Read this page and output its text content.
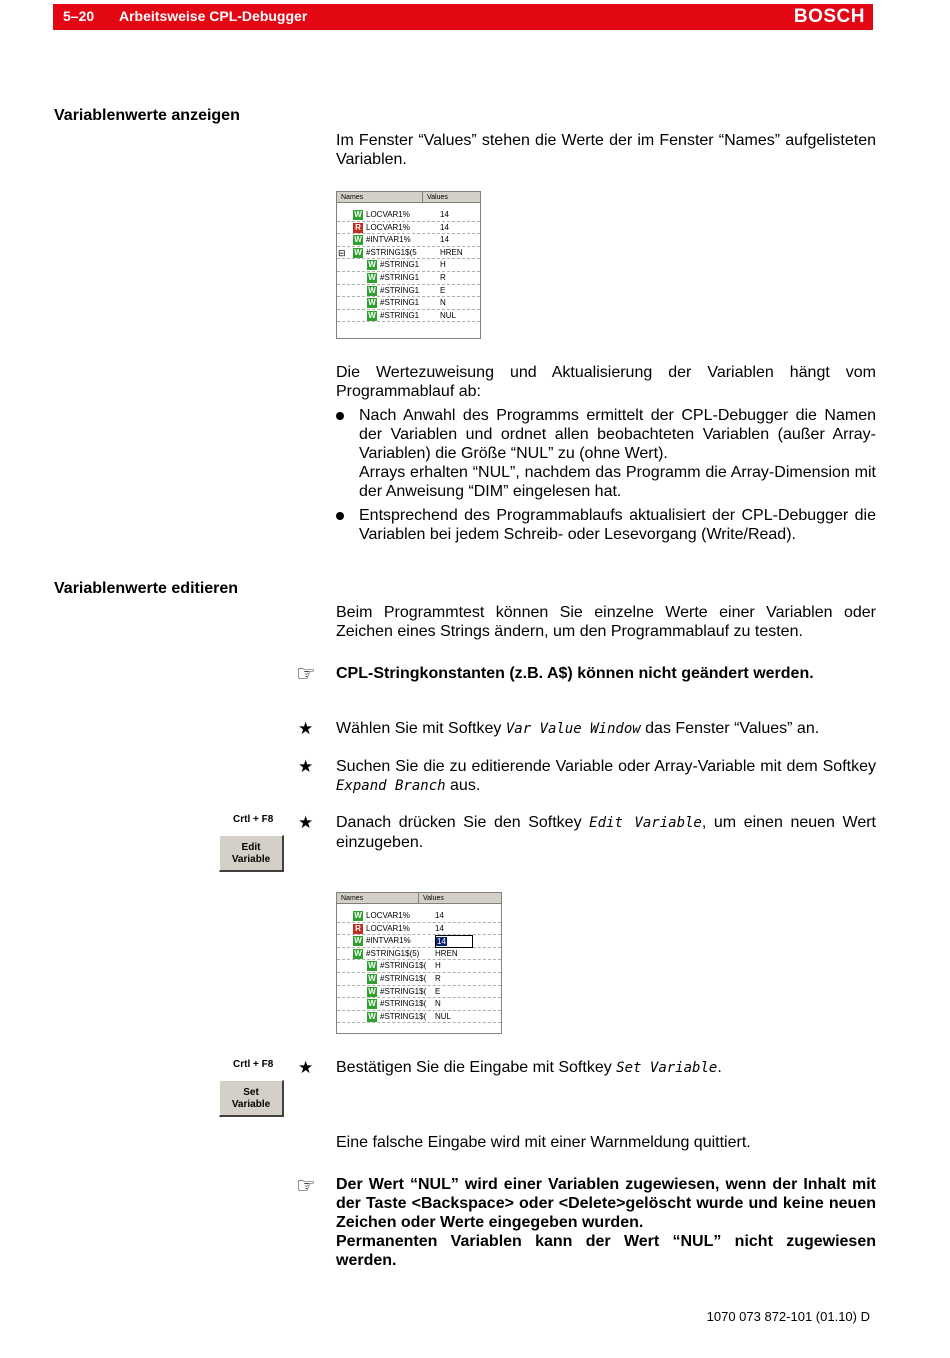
5–20 Arbeitsweise CPL-Debugger	BOSCH
Variablenwerte anzeigen
Im Fenster “Values” stehen die Werte der im Fenster “Names” aufgelisteten Variablen.
Names	Values
W LOCVAR1%	14
R LOCVAR1%	14
W #INTVAR1%	14
⊟ W #STRING1$(5	HREN
W #STRING1	H
W #STRING1	R
W #STRING1	E
W #STRING1	N
W #STRING1	NUL
Die Wertezuweisung und Aktualisierung der Variablen hängt vom Programmablauf ab:
Nach Anwahl des Programms ermittelt der CPL-Debugger die Namen der Variablen und ordnet allen beobachteten Variablen (außer Array-Variablen) die Größe “NUL” zu (ohne Wert).
Arrays erhalten “NUL”, nachdem das Programm die Array-Dimension mit der Anweisung “DIM” eingelesen hat.
Entsprechend des Programmablaufs aktualisiert der CPL-Debugger die Variablen bei jedem Schreib- oder Lesevorgang (Write/Read).
Variablenwerte editieren
Beim Programmtest können Sie einzelne Werte einer Variablen oder Zeichen eines Strings ändern, um den Programmablauf zu testen.
☞ CPL-Stringkonstanten (z.B. A$) können nicht geändert werden.
★ Wählen Sie mit Softkey Var Value Window das Fenster “Values” an.
★ Suchen Sie die zu editierende Variable oder Array-Variable mit dem Softkey Expand Branch aus.
Crtl + F8
Edit
Variable
★ Danach drücken Sie den Softkey Edit Variable, um einen neuen Wert einzugeben.
Names	Values
W LOCVAR1%	14
R LOCVAR1%	14
W #INTVAR1%	14
W #STRING1$(5) HREN
W #STRING1$( H
W #STRING1$( R
W #STRING1$( E
W #STRING1$( N
W #STRING1$( NUL
Crtl + F8
Set
Variable
★ Bestätigen Sie die Eingabe mit Softkey Set Variable.
Eine falsche Eingabe wird mit einer Warnmeldung quittiert.
☞ Der Wert “NUL” wird einer Variablen zugewiesen, wenn der Inhalt mit der Taste <Backspace> oder <Delete>gelöscht wurde und keine neuen Zeichen oder Werte eingegeben wurden.
Permanenten Variablen kann der Wert “NUL” nicht zugewiesen werden.
1070 073 872-101 (01.10) D
